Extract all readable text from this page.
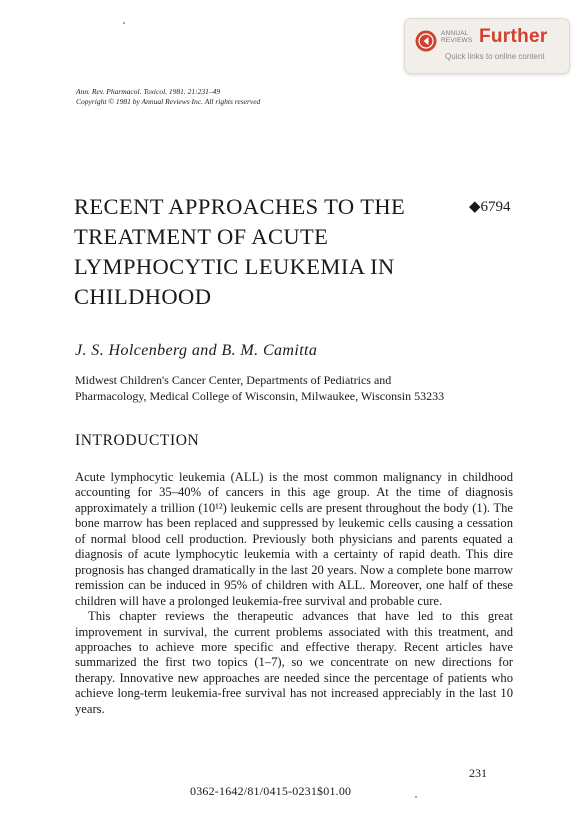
ANNUAL
REVIEWS Further
Quick links to online content
Ann. Rev. Pharmacol. Toxicol. 1981. 21:231–49
Copyright © 1981 by Annual Reviews Inc. All rights reserved
RECENT APPROACHES TO THE
TREATMENT OF ACUTE
LYMPHOCYTIC LEUKEMIA IN
CHILDHOOD
◆6794
J. S. Holcenberg and B. M. Camitta
Midwest Children's Cancer Center, Departments of Pediatrics and
Pharmacology, Medical College of Wisconsin, Milwaukee, Wisconsin 53233
INTRODUCTION

Acute lymphocytic leukemia (ALL) is the most common malignancy in childhood accounting for 35–40% of cancers in this age group. At the time of diagnosis approximately a trillion (10¹²) leukemic cells are present throughout the body (1). The bone marrow has been replaced and suppressed by leukemic cells causing a cessation of normal blood cell production. Previously both physicians and parents equated a diagnosis of acute lymphocytic leukemia with a certainty of rapid death. This dire prognosis has changed dramatically in the last 20 years. Now a complete bone marrow remission can be induced in 95% of children with ALL. Moreover, one half of these children will have a prolonged leukemia-free survival and probable cure.

This chapter reviews the therapeutic advances that have led to this great improvement in survival, the current problems associated with this treatment, and approaches to achieve more specific and effective therapy. Recent articles have summarized the first two topics (1–7), so we concentrate on new directions for therapy. Innovative new approaches are needed since the percentage of patients who achieve long-term leukemia-free survival has not increased appreciably in the last 10 years.

231
0362-1642/81/0415-0231$01.00
